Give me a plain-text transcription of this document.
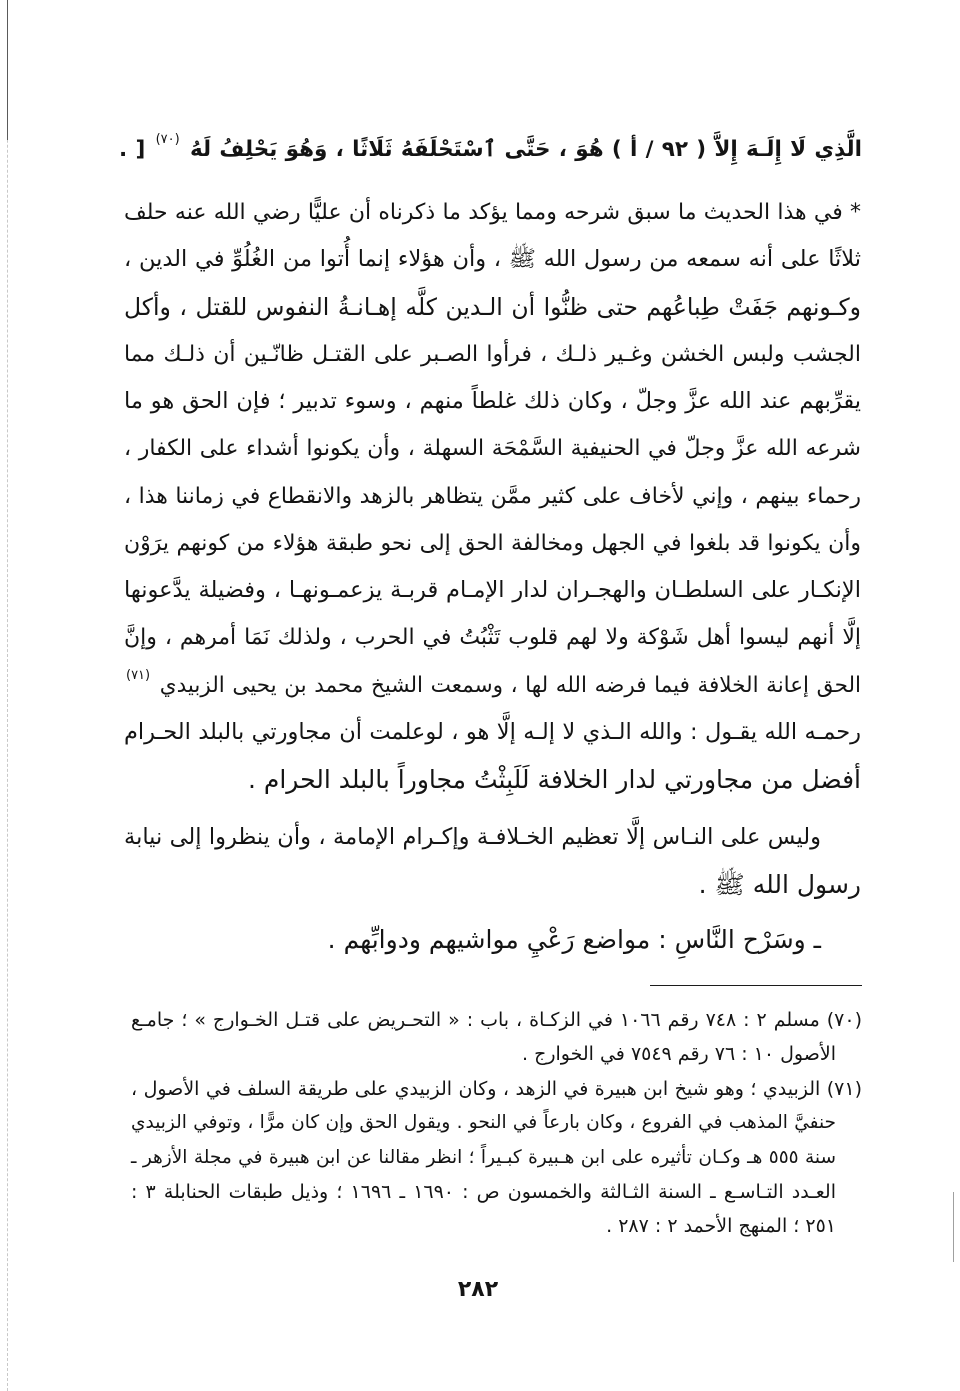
الَّذِي لَا إِلَـهَ إِلاَّ ( ٩٢ / أ ) هُوَ ، حَتَّى ٱسْتَحْلَفَهُ ثَلَاثًا ، وَهُوَ يَحْلِفُ لَهُ (٧٠) ] .
* في هذا الحديث ما سبق شرحه ومما يؤكد ما ذكرناه أن عليًّا رضي الله عنه حلف
ثلاثًا على أنه سمعه من رسول الله ﷺ ، وأن هؤلاء إنما أُتوا من الغُلُوِّ في الدين ،
وكـونهم جَفَتْ طِباعُهم حتى ظنُّوا أن الـدين كلَّه إهـانـةُ النفوس للقتل ، وأكل
الجشب ولبس الخشن وغـير ذلـك ، فرأوا الصـبر على القتـل ظانّـين أن ذلـك مما
يقرِّبهم عند الله عزَّ وجلّ ، وكان ذلك غلطاً منهم ، وسوء تدبير ؛ فإن الحق هو ما
شرعه الله عزَّ وجلّ في الحنيفية السَّمْحَة السهلة ، وأن يكونوا أشداء على الكفار ،
رحماء بينهم ، وإني لأخاف على كثير ممَّن يتظاهر بالزهد والانقطاع في زماننا هذا ،
وأن يكونوا قد بلغوا في الجهل ومخالفة الحق إلى نحو طبقة هؤلاء من كونهم يرَوْن
الإنكـار على السلطـان والهجـران لدار الإمـام قربـة يزعمـونهـا ، وفضيلة يدَّعونها
إلَّا أنهم ليسوا أهل شَوْكة ولا لهم قلوب تَثْبُتُ في الحرب ، ولذلك نَمَا أمرهم ، وإنَّ
الحق إعانة الخلافة فيما فرضه الله لها ، وسمعت الشيخ محمد بن يحيى الزبيدي (٧١)
رحمـه الله يقـول : والله الـذي لا إلـه إلَّا هو ، لوعلمت أن مجاورتي بالبلد الحـرام
أفضل من مجاورتي لدار الخلافة لَلَبِثْتُ مجاوراً بالبلد الحرام .
وليس على النـاس إلَّا تعظيم الخـلافـة وإكـرام الإمامة ، وأن ينظروا إلى نيابة
رسول الله ﷺ .
ـ وسَرْح النَّاسِ : مواضع رَعْيِ مواشيهم ودوابِّهم .
(٧٠) مسلم ٢ : ٧٤٨ رقم ١٠٦٦ في الزكـاة ، باب : « التحـريض على قتـل الخـوارج » ؛ جامـع
الأصول ١٠ : ٧٦ رقم ٧٥٤٩ في الخوارج .
(٧١) الزبيدي ؛ وهو شيخ ابن هبيرة في الزهد ، وكان الزبيدي على طريقة السلف في الأصول ،
حنفيَّ المذهب في الفروع ، وكان بارعاً في النحو . ويقول الحق وإن كان مرًّا ، وتوفي الزبيدي
سنة ٥٥٥ هـ وكـان تأثيره على ابن هـبيرة كبـيراً ؛ انظر مقالنا عن ابن هبيرة في مجلة الأزهر ـ
العـدد التـاسـع ـ السنة الثـالثة والخمسون ص : ١٦٩٠ ـ ١٦٩٦ ؛ وذيل طبقات الحنابلة ٣ :
٢٥١ ؛ المنهج الأحمد ٢ : ٢٨٧ .
٢٨٢
